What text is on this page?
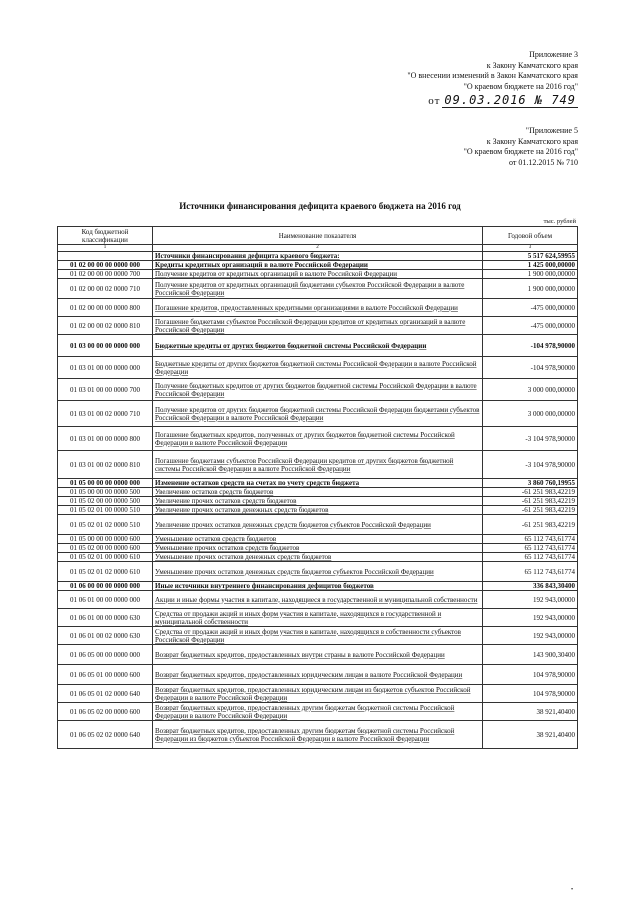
Приложение 3
к Закону Камчатского края
"О внесении изменений в Закон Камчатского края
"О краевом бюджете на 2016 год"
от 09.03.2016 № 749
"Приложение 5
к Закону Камчатского края
"О краевом бюджете на 2016 год"
от 01.12.2015 № 710
Источники финансирования дефицита краевого бюджета на 2016 год
тыс. рублей
Код бюджетной классификации	Наименование показателя	Годовой объем
1	2	3
	Источники финансирования дефицита краевого бюджета:	5 517 624,59955
01 02 00 00 00 0000 000	Кредиты кредитных организаций в валюте Российской Федерации	1 425 000,00000
01 02 00 00 00 0000 700	Получение кредитов от кредитных организаций в валюте Российской Федерации	1 900 000,00000
01 02 00 00 02 0000 710	Получение кредитов от кредитных организаций бюджетами субъектов Российской Федерации в валюте Российской Федерации	1 900 000,00000
01 02 00 00 00 0000 800	Погашение кредитов, предоставленных кредитными организациями в валюте Российской Федерации	-475 000,00000
01 02 00 00 02 0000 810	Погашение бюджетами субъектов Российской Федерации кредитов от кредитных организаций в валюте Российской Федерации	-475 000,00000
01 03 00 00 00 0000 000	Бюджетные кредиты от других бюджетов бюджетной системы Российской Федерации	-104 978,90000
01 03 01 00 00 0000 000	Бюджетные кредиты от других бюджетов бюджетной системы Российской Федерации в валюте Российской Федерации	-104 978,90000
01 03 01 00 00 0000 700	Получение бюджетных кредитов от других бюджетов бюджетной системы Российской Федерации в валюте Российской Федерации	3 000 000,00000
01 03 01 00 02 0000 710	Получение кредитов от других бюджетов бюджетной системы Российской Федерации бюджетами субъектов Российской Федерации в валюте Российской Федерации	3 000 000,00000
01 03 01 00 00 0000 800	Погашение бюджетных кредитов, полученных от других бюджетов бюджетной системы Российской Федерации в валюте Российской Федерации	-3 104 978,90000
01 03 01 00 02 0000 810	Погашение бюджетами субъектов Российской Федерации кредитов от других бюджетов бюджетной системы Российской Федерации в валюте Российской Федерации	-3 104 978,90000
01 05 00 00 00 0000 000	Изменение остатков средств на счетах по учету средств бюджета	3 860 760,19955
01 05 00 00 00 0000 500	Увеличение остатков средств бюджетов	-61 251 983,42219
01 05 02 00 00 0000 500	Увеличение прочих остатков средств бюджетов	-61 251 983,42219
01 05 02 01 00 0000 510	Увеличение прочих остатков денежных средств бюджетов	-61 251 983,42219
01 05 02 01 02 0000 510	Увеличение прочих остатков денежных средств бюджетов субъектов Российской Федерации	-61 251 983,42219
01 05 00 00 00 0000 600	Уменьшение остатков средств бюджетов	65 112 743,61774
01 05 02 00 00 0000 600	Уменьшение прочих остатков средств бюджетов	65 112 743,61774
01 05 02 01 00 0000 610	Уменьшение прочих остатков денежных средств бюджетов	65 112 743,61774
01 05 02 01 02 0000 610	Уменьшение прочих остатков денежных средств бюджетов субъектов Российской Федерации	65 112 743,61774
01 06 00 00 00 0000 000	Иные источники внутреннего финансирования дефицитов бюджетов	336 843,30400
01 06 01 00 00 0000 000	Акции и иные формы участия в капитале, находящиеся в государственной и муниципальной собственности	192 943,00000
01 06 01 00 00 0000 630	Средства от продажи акций и иных форм участия в капитале, находящихся в государственной и муниципальной собственности	192 943,00000
01 06 01 00 02 0000 630	Средства от продажи акций и иных форм участия в капитале, находящихся в собственности субъектов Российской Федерации	192 943,00000
01 06 05 00 00 0000 000	Возврат бюджетных кредитов, предоставленных внутри страны в валюте Российской Федерации	143 900,30400
01 06 05 01 00 0000 600	Возврат бюджетных кредитов, предоставленных юридическим лицам в валюте Российской Федерации	104 978,90000
01 06 05 01 02 0000 640	Возврат бюджетных кредитов, предоставленных юридическим лицам из бюджетов субъектов Российской Федерации в валюте Российской Федерации	104 978,90000
01 06 05 02 00 0000 600	Возврат бюджетных кредитов, предоставленных другим бюджетам бюджетной системы Российской Федерации в валюте Российской Федерации	38 921,40400
01 06 05 02 02 0000 640	Возврат бюджетных кредитов, предоставленных другим бюджетам бюджетной системы Российской Федерации из бюджетов субъектов Российской Федерации в валюте Российской Федерации	38 921,40400
•
